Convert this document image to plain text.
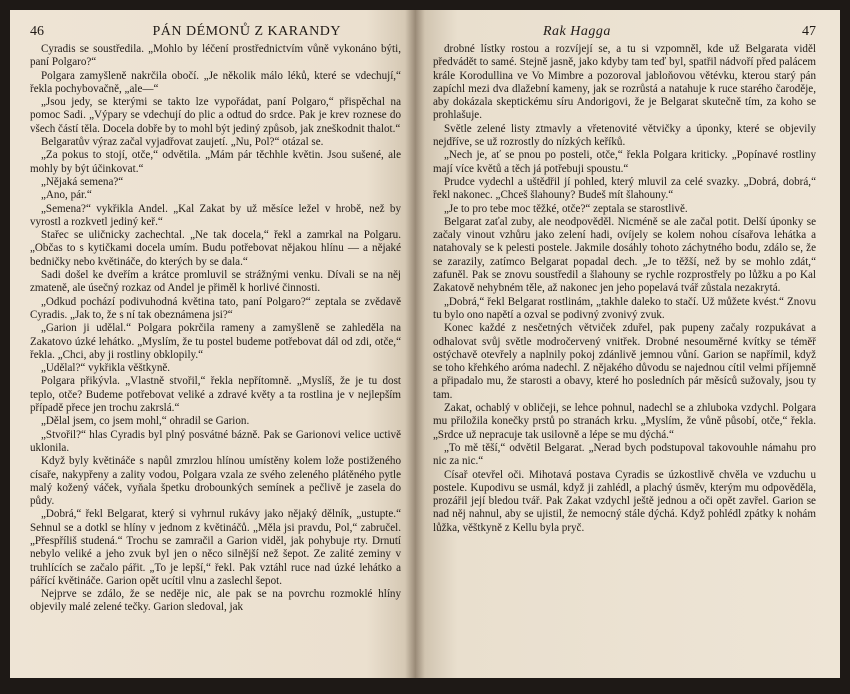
46	PÁN DÉMONŮ Z KARANDY

Cyradis se soustředila. „Mohlo by léčení prostřednictvím vůně vykonáno býti, paní Polgaro?“

Polgara zamyšleně nakrčila obočí. „Je několik málo léků, které se vdechují,“ řekla pochybovačně, „ale—“

„Jsou jedy, se kterými se takto lze vypořádat, paní Polgaro,“ přispěchal na pomoc Sadi. „Výpary se vdechují do plic a odtud do srdce. Pak je krev roznese do všech částí těla. Docela dobře by to mohl být jediný způsob, jak zneškodnit thalot.“

Belgaratův výraz začal vyjadřovat zaujetí. „Nu, Pol?“ otázal se.

„Za pokus to stojí, otče,“ odvětila. „Mám pár těchhle květin. Jsou sušené, ale mohly by být účinkovat.“

„Nějaká semena?“

„Ano, pár.“

„Semena?“ vykřikla Andel. „Kal Zakat by už měsíce ležel v hrobě, než by vyrostl a rozkvetl jediný keř.“

Stařec se uličnicky zachechtal. „Ne tak docela,“ řekl a zamrkal na Polgaru. „Občas to s kytičkami docela umím. Budu potřebovat nějakou hlínu — a nějaké bedničky nebo květináče, do kterých by se dala.“

Sadi došel ke dveřím a krátce promluvil se strážnými venku. Dívali se na něj zmateně, ale úsečný rozkaz od Andel je přiměl k horlivé činnosti.

„Odkud pochází podivuhodná květina tato, paní Polgaro?“ zeptala se zvědavě Cyradis. „Jak to, že s ní tak obeznámena jsi?“

„Garion ji udělal.“ Polgara pokrčila rameny a zamyšleně se zahleděla na Zakatovo úzké lehátko. „Myslím, že tu postel budeme potřebovat dál od zdi, otče,“ řekla. „Chci, aby ji rostliny obklopily.“

„Udělal?“ vykřikla věštkyně.

Polgara přikývla. „Vlastně stvořil,“ řekla nepřítomně. „Myslíš, že je tu dost teplo, otče? Budeme potřebovat veliké a zdravé květy a ta rostlina je v nejlepším případě přece jen trochu zakrslá.“

„Dělal jsem, co jsem mohl,“ ohradil se Garion.

„Stvořil?“ hlas Cyradis byl plný posvátné bázně. Pak se Garionovi velice uctivě uklonila.

Když byly květináče s napůl zmrzlou hlínou umístěny kolem lože postiženého císaře, nakypřeny a zality vodou, Polgara vzala ze svého zeleného plátěného pytle malý kožený váček, vyňala špetku drobounkých semínek a pečlivě je zasela do půdy.

„Dobrá,“ řekl Belgarat, který si vyhrnul rukávy jako nějaký dělník, „ustupte.“ Sehnul se a dotkl se hlíny v jednom z květináčů. „Měla jsi pravdu, Pol,“ zabručel. „Přespříliš studená.“ Trochu se zamračil a Garion viděl, jak pohybuje rty. Drnutí nebylo veliké a jeho zvuk byl jen o něco silnější než šepot. Ze zalité zeminy v truhlících se začalo pářit. „To je lepší,“ řekl. Pak vztáhl ruce nad úzké lehátko a pářící květináče. Garion opět ucítil vlnu a zaslechl šepot.

Nejprve se zdálo, že se neděje nic, ale pak se na povrchu rozmoklé hlíny objevily malé zelené tečky. Garion sledoval, jak

Rak Hagga	47

drobné lístky rostou a rozvíjejí se, a tu si vzpomněl, kde už Belgarata viděl předvádět to samé. Stejně jasně, jako kdyby tam teď byl, spatřil nádvoří před palácem krále Korodullina ve Vo Mimbre a pozoroval jabloňovou větévku, kterou starý pán zapíchl mezi dva dlažební kameny, jak se rozrůstá a natahuje k ruce starého čaroděje, aby dokázala skeptickému síru Andorigovi, že je Belgarat skutečně tím, za koho se prohlašuje.

Světle zelené listy ztmavly a vřetenovité větvičky a úponky, které se objevily nejdříve, se už rozrostly do nízkých keříků.

„Nech je, ať se pnou po posteli, otče,“ řekla Polgara kriticky. „Popínavé rostliny mají více květů a těch já potřebuji spoustu.“

Prudce vydechl a uštědřil jí pohled, který mluvil za celé svazky. „Dobrá, dobrá,“ řekl nakonec. „Chceš šlahouny? Budeš mít šlahouny.“

„Je to pro tebe moc těžké, otče?“ zeptala se starostlivě.

Belgarat zaťal zuby, ale neodpověděl. Nicméně se ale začal potit. Delší úponky se začaly vinout vzhůru jako zelení hadi, ovíjely se kolem nohou císařova lehátka a natahovaly se k pelesti postele. Jakmile dosáhly tohoto záchytného bodu, zdálo se, že se zarazily, zatímco Belgarat popadal dech. „Je to těžší, než by se mohlo zdát,“ zafuněl. Pak se znovu soustředil a šlahouny se rychle rozprostřely po lůžku a po Kal Zakatově nehybném těle, až nakonec jen jeho popelavá tvář zůstala nezakrytá.

„Dobrá,“ řekl Belgarat rostlinám, „takhle daleko to stačí. Už můžete kvést.“ Znovu tu bylo ono napětí a ozval se podivný zvonivý zvuk.

Konec každé z nesčetných větviček zduřel, pak pupeny začaly rozpukávat a odhalovat svůj světle modročervený vnitřek. Drobné nesouměrné kvítky se téměř ostýchavě otevřely a naplnily pokoj zdánlivě jemnou vůní. Garion se napřímil, když se toho křehkého aróma nadechl. Z nějakého důvodu se najednou cítil velmi příjemně a připadalo mu, že starosti a obavy, které ho posledních pár měsíců sužovaly, jsou ty tam.

Zakat, ochablý v obličeji, se lehce pohnul, nadechl se a zhluboka vzdychl. Polgara mu přiložila konečky prstů po stranách krku. „Myslím, že vůně působí, otče,“ řekla. „Srdce už nepracuje tak usilovně a lépe se mu dýchá.“

„To mě těší,“ odvětil Belgarat. „Nerad bych podstupoval takovouhle námahu pro nic za nic.“

Císař otevřel oči. Mihotavá postava Cyradis se úzkostlivě chvěla ve vzduchu u postele. Kupodivu se usmál, když ji zahlédl, a plachý úsměv, kterým mu odpověděla, prozářil její bledou tvář. Pak Zakat vzdychl ještě jednou a oči opět zavřel. Garion se nad něj nahnul, aby se ujistil, že nemocný stále dýchá. Když pohlédl zpátky k nohám lůžka, věštkyně z Kellu byla pryč.
